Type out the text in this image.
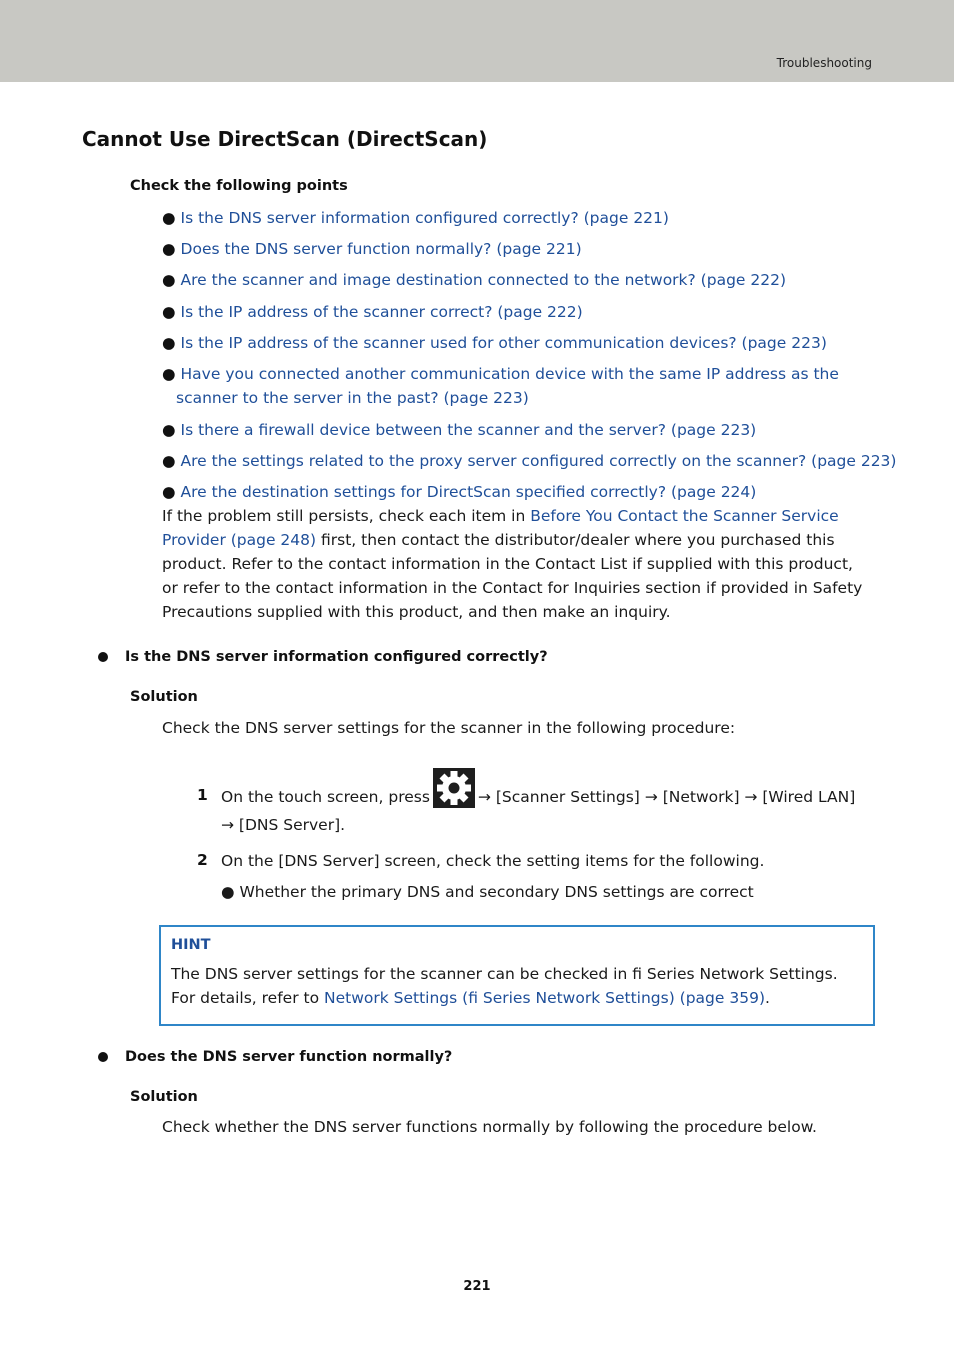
Troubleshooting
Cannot Use DirectScan (DirectScan)
Check the following points
● Is the DNS server information configured correctly? (page 221)
● Does the DNS server function normally? (page 221)
● Are the scanner and image destination connected to the network? (page 222)
● Is the IP address of the scanner correct? (page 222)
● Is the IP address of the scanner used for other communication devices? (page 223)
● Have you connected another communication device with the same IP address as the scanner to the server in the past? (page 223)
● Is there a firewall device between the scanner and the server? (page 223)
● Are the settings related to the proxy server configured correctly on the scanner? (page 223)
● Are the destination settings for DirectScan specified correctly? (page 224)
If the problem still persists, check each item in Before You Contact the Scanner Service Provider (page 248) first, then contact the distributor/dealer where you purchased this product. Refer to the contact information in the Contact List if supplied with this product, or refer to the contact information in the Contact for Inquiries section if provided in Safety Precautions supplied with this product, and then make an inquiry.
Is the DNS server information configured correctly?
Solution
Check the DNS server settings for the scanner in the following procedure:
1 On the touch screen, press	→ [Scanner Settings] → [Network] → [Wired LAN] → [DNS Server].
2 On the [DNS Server] screen, check the setting items for the following.
● Whether the primary DNS and secondary DNS settings are correct
HINT
The DNS server settings for the scanner can be checked in fi Series Network Settings.
For details, refer to Network Settings (fi Series Network Settings) (page 359).
Does the DNS server function normally?
Solution
Check whether the DNS server functions normally by following the procedure below.
221
